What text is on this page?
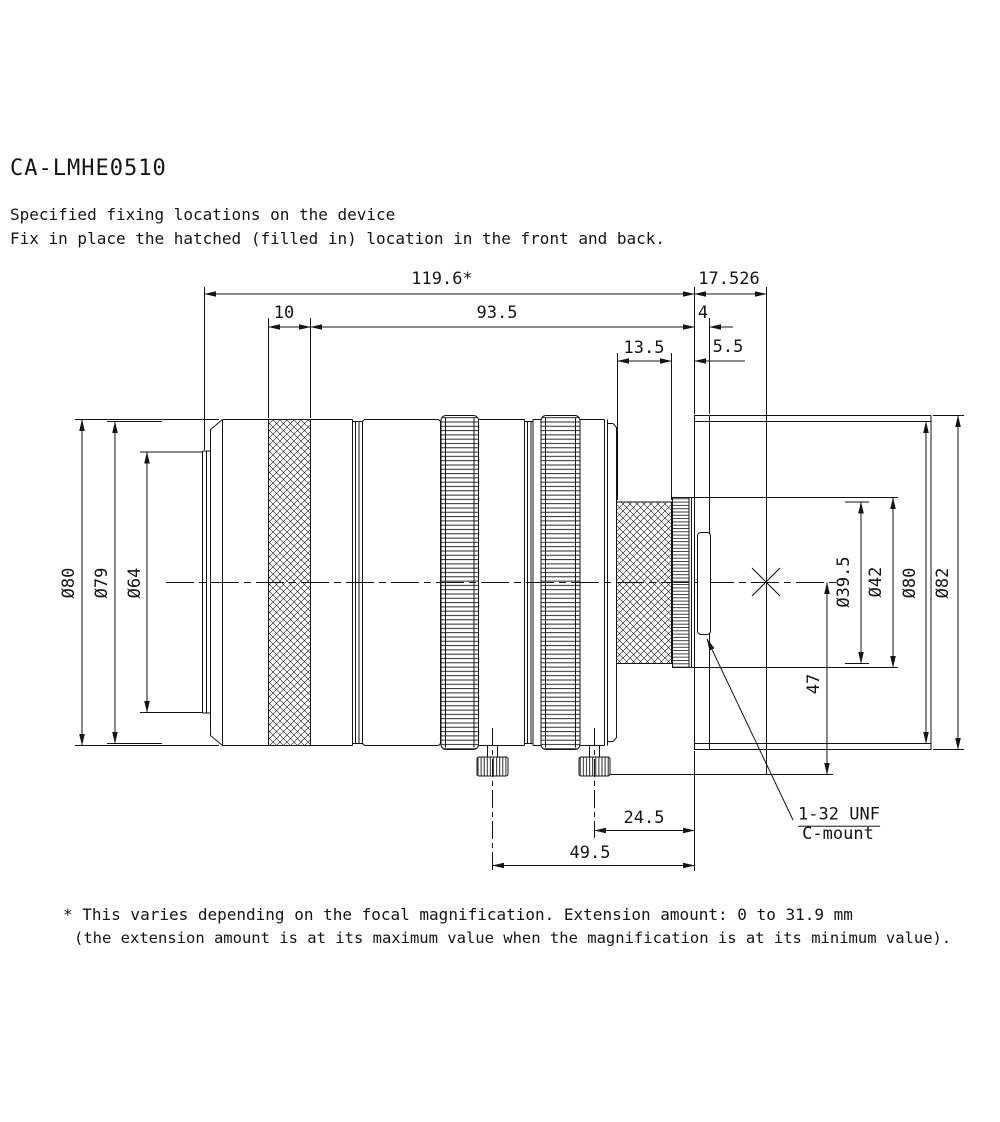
CA-LMHE0510
Specified fixing locations on the device
Fix in place the hatched (filled in) location in the front and back.
* This varies depending on the focal magnification. Extension amount: 0 to 31.9 mm
(the extension amount is at its maximum value when the magnification is at its minimum value).
119.6*	17.526
10	93.5	4
13.5	5.5
24.5
49.5
Ø80 Ø79 Ø64	Ø39.5 Ø42 Ø80 Ø82
47
1-32 UNF
C-mount
